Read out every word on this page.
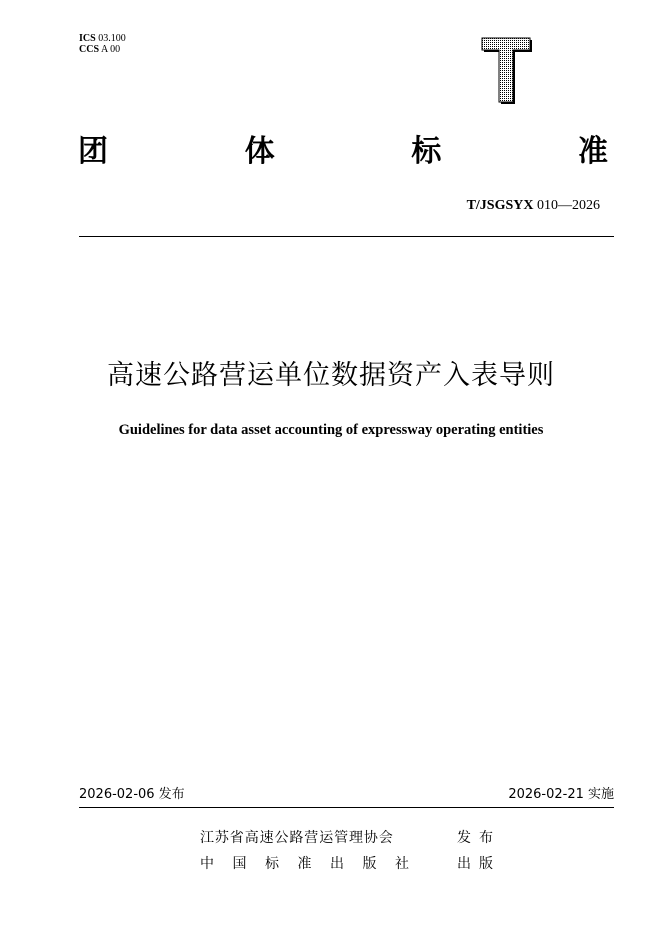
ICS 03.100
CCS A 00
团	体	标	准
T/JSGSYX 010—2026
高速公路营运单位数据资产入表导则
Guidelines for data asset accounting of expressway operating entities
2026-02-06 发布	2026-02-21 实施
江苏省高速公路营运管理协会	发布
中国标准出版社 出版
